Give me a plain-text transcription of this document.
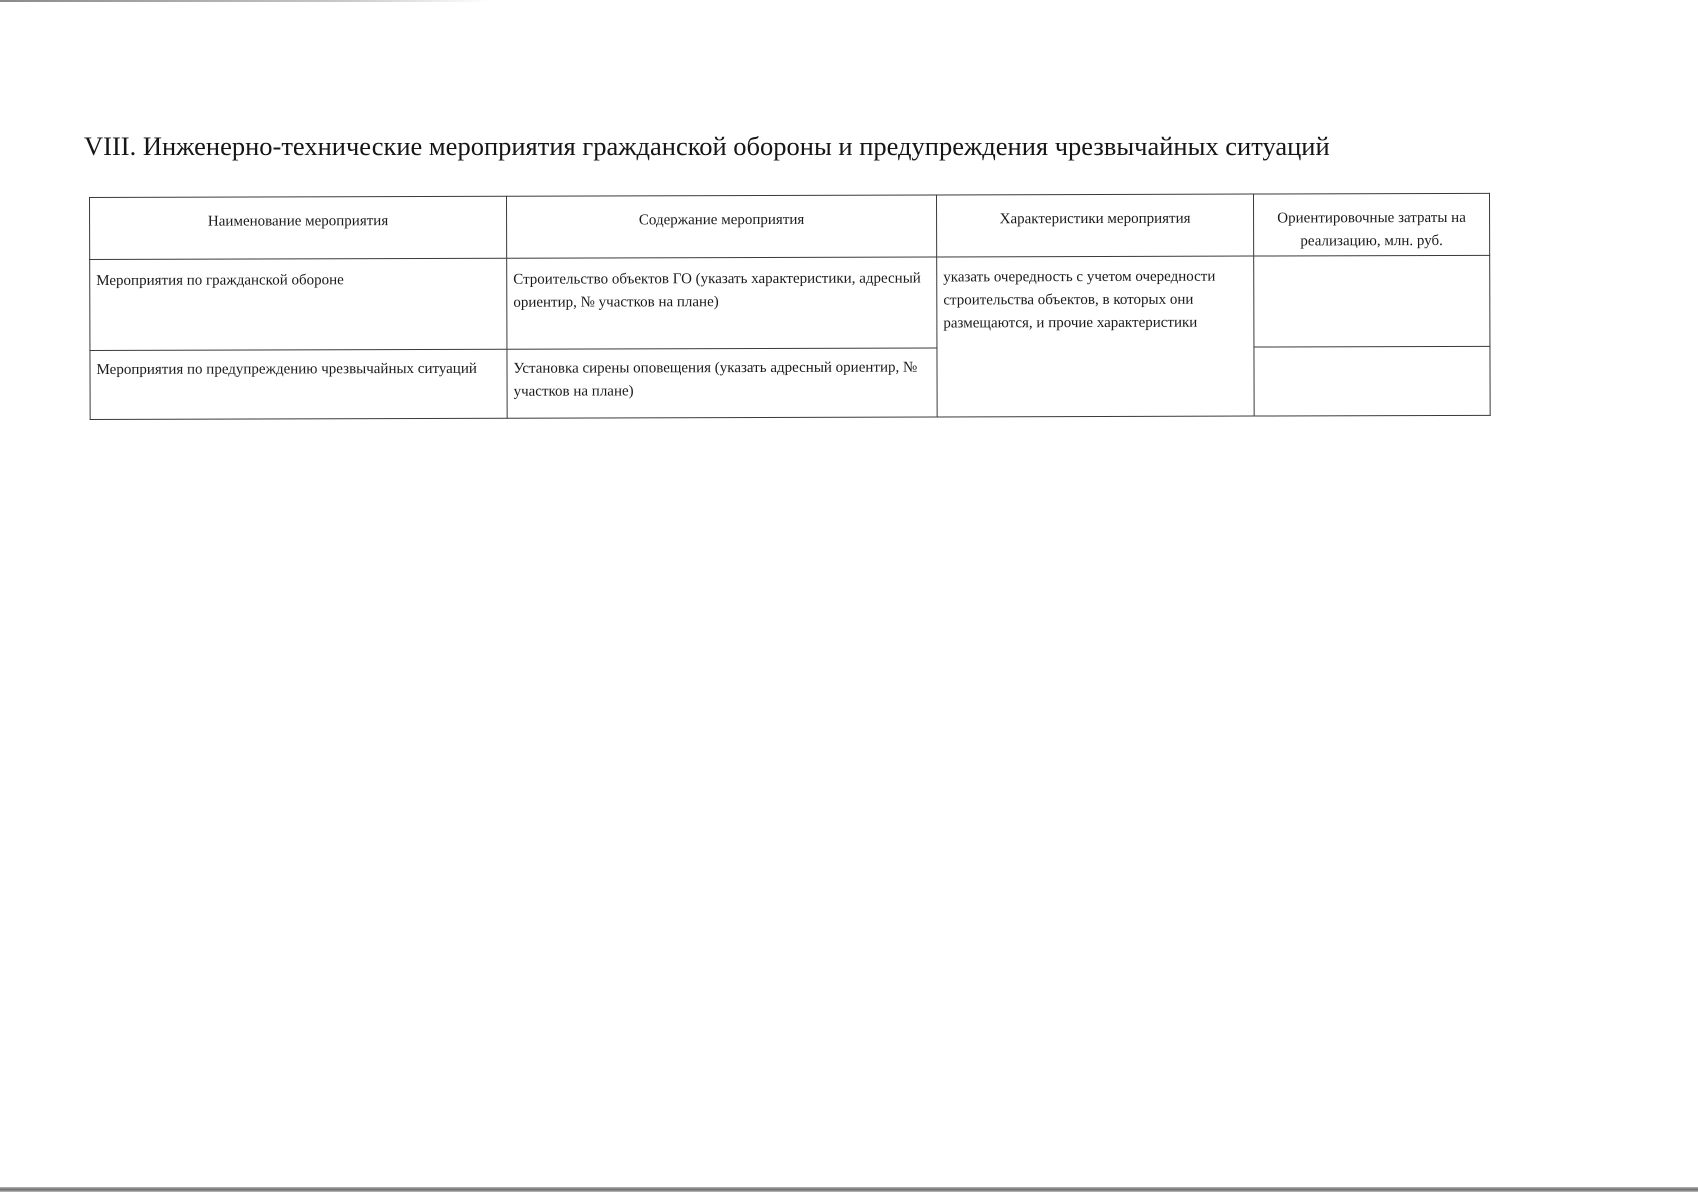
VIII. Инженерно-технические мероприятия гражданской обороны и предупреждения чрезвычайных ситуаций
Наименование мероприятия	Содержание мероприятия	Характеристики мероприятия	Ориентировочные затраты на реализацию, млн. руб.

Мероприятия по гражданской обороне	Строительство объектов ГО (указать характеристики, адресный ориентир, № участков на плане)	указать очередность с учетом очередности строительства объектов, в которых они размещаются, и прочие характеристики	

Мероприятия по предупреждению чрезвычайных ситуаций	Установка сирены оповещения (указать адресный ориентир, № участков на плане)		
